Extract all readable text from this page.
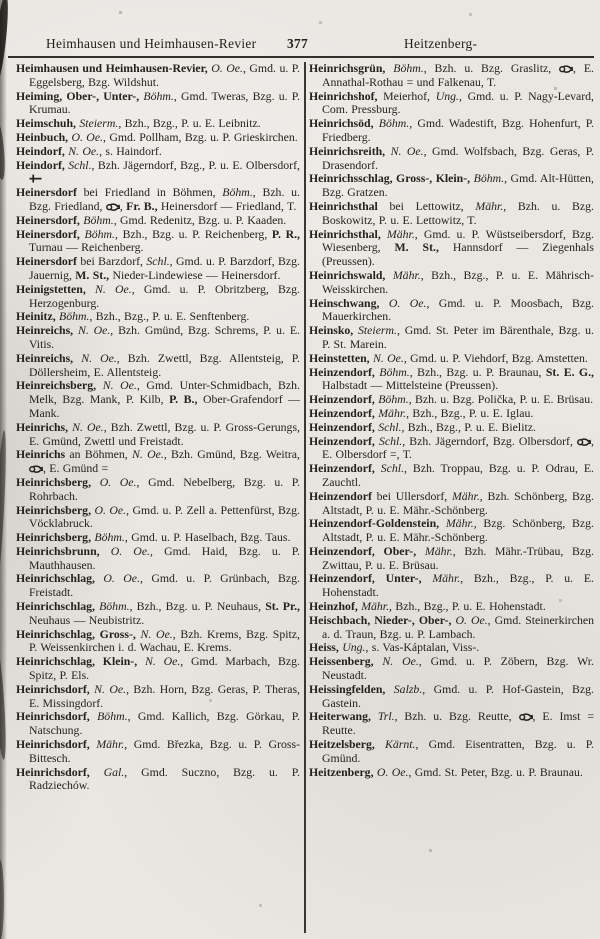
Heimhausen und Heimhausen-Revier 377	Heitzenberg-

Heimhausen und Heimhausen-Revier, O. Oe., Gmd. u. P. Eggelsberg, Bzg. Wildshut.

Heiming, Ober-, Unter-, Böhm., Gmd. Tweras, Bzg. u. P. Krumau.

Heimschuh, Steierm., Bzh., Bzg., P. u. E. Leibnitz.

Heinbuch, O. Oe., Gmd. Pollham, Bzg. u. P. Grieskirchen.

Heindorf, N. Oe., s. Haindorf.

Heindorf, Schl., Bzh. Jägerndorf, Bzg., P. u. E. Olbersdorf,

Heinersdorf bei Friedland in Böhmen, Böhm., Bzh. u. Bzg. Friedland, , Fr. B., Heinersdorf — Friedland, T.

Heinersdorf, Böhm., Gmd. Redenitz, Bzg. u. P. Kaaden.

Heinersdorf, Böhm., Bzh., Bzg. u. P. Reichenberg, P. R., Turnau — Reichenberg.

Heinersdorf bei Barzdorf, Schl., Gmd. u. P. Barzdorf, Bzg. Jauernig, M. St., Nieder-Lindewiese — Heinersdorf.

Heinigstetten, N. Oe., Gmd. u. P. Obritzberg, Bzg. Herzogenburg.

Heinitz, Böhm., Bzh., Bzg., P. u. E. Senftenberg.

Heinreichs, N. Oe., Bzh. Gmünd, Bzg. Schrems, P. u. E. Vitis.

Heinreichs, N. Oe., Bzh. Zwettl, Bzg. Allentsteig, P. Döllersheim, E. Allentsteig.

Heinreichsberg, N. Oe., Gmd. Unter-Schmidbach, Bzh. Melk, Bzg. Mank, P. Kilb, P. B., Ober-Grafendorf — Mank.

Heinrichs, N. Oe., Bzh. Zwettl, Bzg. u. P. Gross-Gerungs, E. Gmünd, Zwettl und Freistadt.

Heinrichs an Böhmen, N. Oe., Bzh. Gmünd, Bzg. Weitra, , E. Gmünd =

Heinrichsberg, O. Oe., Gmd. Nebelberg, Bzg. u. P. Rohrbach.

Heinrichsberg, O. Oe., Gmd. u. P. Zell a. Pettenfürst, Bzg. Vöcklabruck.

Heinrichsberg, Böhm., Gmd. u. P. Haselbach, Bzg. Taus.

Heinrichsbrunn, O. Oe., Gmd. Haid, Bzg. u. P. Mauthhausen.

Heinrichschlag, O. Oe., Gmd. u. P. Grünbach, Bzg. Freistadt.

Heinrichschlag, Böhm., Bzh., Bzg. u. P. Neuhaus, St. Pr., Neuhaus — Neubistritz.

Heinrichschlag, Gross-, N. Oe., Bzh. Krems, Bzg. Spitz, P. Weissenkirchen i. d. Wachau, E. Krems.

Heinrichschlag, Klein-, N. Oe., Gmd. Marbach, Bzg. Spitz, P. Els.

Heinrichsdorf, N. Oe., Bzh. Horn, Bzg. Geras, P. Theras, E. Missingdorf.

Heinrichsdorf, Böhm., Gmd. Kallich, Bzg. Görkau, P. Natschung.

Heinrichsdorf, Mähr., Gmd. Březka, Bzg. u. P. Gross-Bittesch.

Heinrichsdorf, Gal., Gmd. Suczno, Bzg. u. P. Radziechów.

Heinrichsgrün, Böhm., Bzh. u. Bzg. Graslitz, , E. Annathal-Rothau = und Falkenau, T.

Heinrichshof, Meierhof, Ung., Gmd. u. P. Nagy-Levard, Com. Pressburg.

Heinrichsöd, Böhm., Gmd. Wadestift, Bzg. Hohenfurt, P. Friedberg.

Heinrichsreith, N. Oe., Gmd. Wolfsbach, Bzg. Geras, P. Drasendorf.

Heinrichsschlag, Gross-, Klein-, Böhm., Gmd. Alt-Hütten, Bzg. Gratzen.

Heinrichsthal bei Lettowitz, Mähr., Bzh. u. Bzg. Boskowitz, P. u. E. Lettowitz, T.

Heinrichsthal, Mähr., Gmd. u. P. Wüstseibersdorf, Bzg. Wiesenberg, M. St., Hannsdorf — Ziegenhals (Preussen).

Heinrichswald, Mähr., Bzh., Bzg., P. u. E. Mährisch-Weisskirchen.

Heinschwang, O. Oe., Gmd. u. P. Moosbach, Bzg. Mauerkirchen.

Heinsko, Steierm., Gmd. St. Peter im Bärenthale, Bzg. u. P. St. Marein.

Heinstetten, N. Oe., Gmd. u. P. Viehdorf, Bzg. Amstetten.

Heinzendorf, Böhm., Bzh., Bzg. u. P. Braunau, St. E. G., Halbstadt — Mittelsteine (Preussen).

Heinzendorf, Böhm., Bzh. u. Bzg. Polička, P. u. E. Brüsau.

Heinzendorf, Mähr., Bzh., Bzg., P. u. E. Iglau.

Heinzendorf, Schl., Bzh., Bzg., P. u. E. Bielitz.

Heinzendorf, Schl., Bzh. Jägerndorf, Bzg. Olbersdorf, , E. Olbersdorf =, T.

Heinzendorf, Schl., Bzh. Troppau, Bzg. u. P. Odrau, E. Zauchtl.

Heinzendorf bei Ullersdorf, Mähr., Bzh. Schönberg, Bzg. Altstadt, P. u. E. Mähr.-Schönberg.

Heinzendorf-Goldenstein, Mähr., Bzg. Schönberg, Bzg. Altstadt, P. u. E. Mähr.-Schönberg.

Heinzendorf, Ober-, Mähr., Bzh. Mähr.-Trübau, Bzg. Zwittau, P. u. E. Brüsau.

Heinzendorf, Unter-, Mähr., Bzh., Bzg., P. u. E. Hohenstadt.

Heinzhof, Mähr., Bzh., Bzg., P. u. E. Hohenstadt.

Heischbach, Nieder-, Ober-, O. Oe., Gmd. Steinerkirchen a. d. Traun, Bzg. u. P. Lambach.

Heiss, Ung., s. Vas-Káptalan, Viss-.

Heissenberg, N. Oe., Gmd. u. P. Zöbern, Bzg. Wr. Neustadt.

Heissingfelden, Salzb., Gmd. u. P. Hof-Gastein, Bzg. Gastein.

Heiterwang, Trl., Bzh. u. Bzg. Reutte, , E. Imst = Reutte.

Heitzelsberg, Kärnt., Gmd. Eisentratten, Bzg. u. P. Gmünd.

Heitzenberg, O. Oe., Gmd. St. Peter, Bzg. u. P. Braunau.
